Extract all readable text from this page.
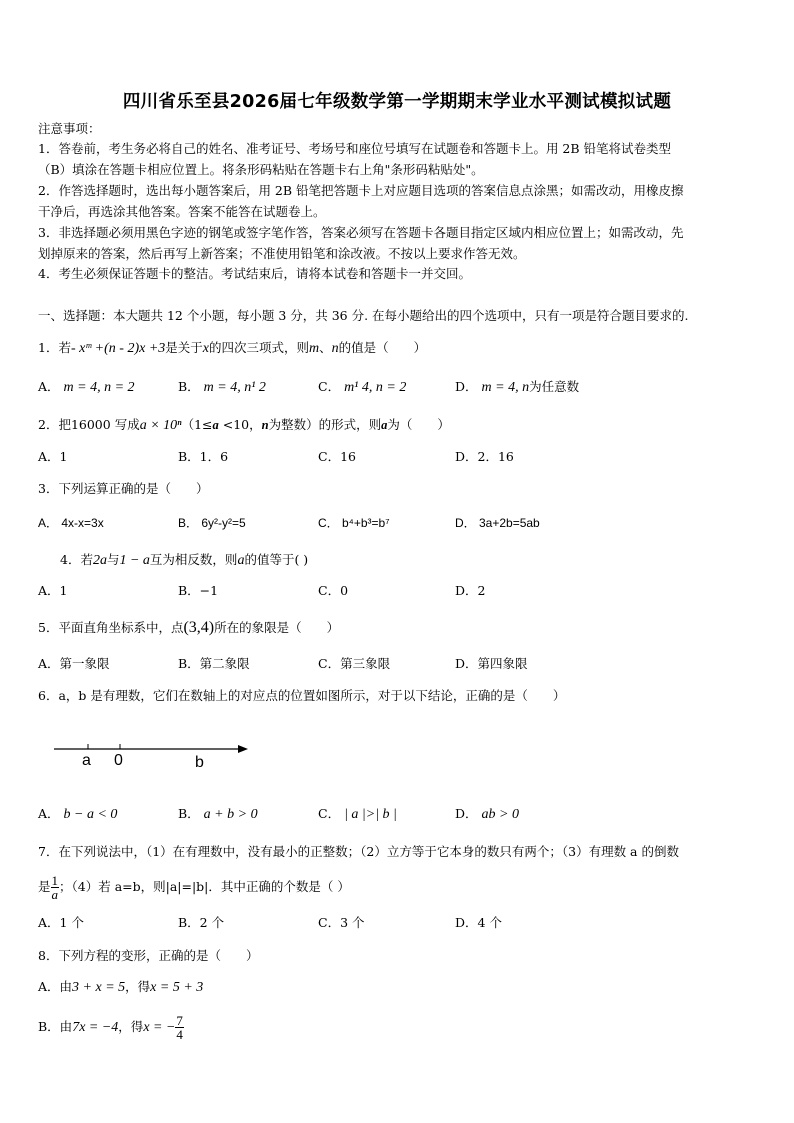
四川省乐至县2026届七年级数学第一学期期末学业水平测试模拟试题
注意事项：
1．答卷前，考生务必将自己的姓名、准考证号、考场号和座位号填写在试题卷和答题卡上。用 2B 铅笔将试卷类型
（B）填涂在答题卡相应位置上。将条形码粘贴在答题卡右上角"条形码粘贴处"。
2．作答选择题时，选出每小题答案后，用 2B 铅笔把答题卡上对应题目选项的答案信息点涂黑；如需改动，用橡皮擦
干净后，再选涂其他答案。答案不能答在试题卷上。
3．非选择题必须用黑色字迹的钢笔或签字笔作答，答案必须写在答题卡各题目指定区域内相应位置上；如需改动，先
划掉原来的答案，然后再写上新答案；不准使用铅笔和涂改液。不按以上要求作答无效。
4．考生必须保证答题卡的整洁。考试结束后，请将本试卷和答题卡一并交回。
一、选择题：本大题共 12 个小题，每小题 3 分，共 36 分. 在每小题给出的四个选项中，只有一项是符合题目要求的.
1．若- xᵐ +(n - 2)x +3是关于x的四次三项式，则m、n的值是（　　）
A． m = 4, n = 2	B． m = 4, n¹ 2	C． m¹ 4, n = 2	D． m = 4, n为任意数
2．把16000 写成a × 10ⁿ（1≤a <10，n为整数）的形式，则a为（　　）
A．1	B．1．6	C．16	D．2．16
3．下列运算正确的是（　　）
A． 4x-x=3x	B． 6y²-y²=5	C． b⁴+b³=b⁷	D． 3a+2b=5ab
4．若2a与1 − a互为相反数，则a的值等于( )
A．1	B．−1	C．0	D．2
5．平面直角坐标系中，点(3,4)所在的象限是（　　）
A．第一象限	B．第二象限	C．第三象限	D．第四象限
6．a，b 是有理数，它们在数轴上的对应点的位置如图所示，对于以下结论，正确的是（　　）
a 0	b
A． b − a < 0	B． a + b > 0	C． | a |>| b |	D． ab > 0
7．在下列说法中，（1）在有理数中，没有最小的正整数；（2）立方等于它本身的数只有两个；（3）有理数 a 的倒数
是 $\frac{1}{a}$ ；（4）若 a=b，则|a|=|b|．其中正确的个数是（ ）
A．1 个	B．2 个	C．3 个	D．4 个
8．下列方程的变形，正确的是（　　）
A．由3 + x = 5，得x = 5 + 3
B．由7x = −4，得x = − $\frac{7}{4}$
